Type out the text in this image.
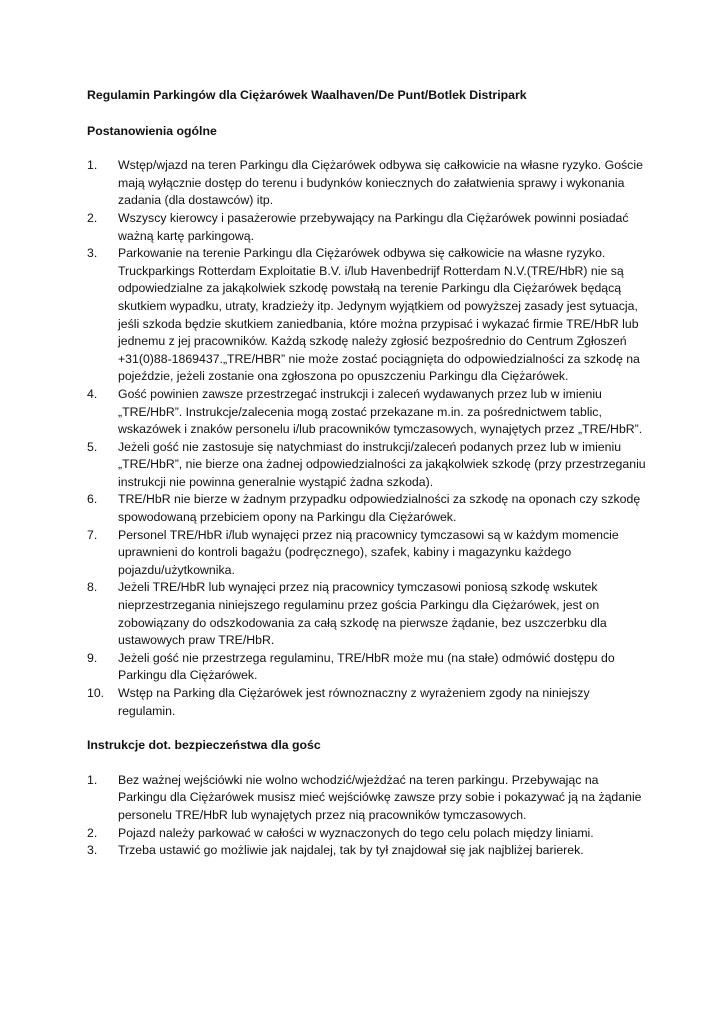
Regulamin Parkingów dla Ciężarówek Waalhaven/De Punt/Botlek Distripark
Postanowienia ogólne
1.	Wstęp/wjazd na teren Parkingu dla Ciężarówek odbywa się całkowicie na własne ryzyko. Goście mają wyłącznie dostęp do terenu i budynków koniecznych do załatwienia sprawy i wykonania zadania (dla dostawców) itp.
2.	Wszyscy kierowcy i pasażerowie przebywający na Parkingu dla Ciężarówek powinni posiadać ważną kartę parkingową.
3.	Parkowanie na terenie Parkingu dla Ciężarówek odbywa się całkowicie na własne ryzyko. Truckparkings Rotterdam Exploitatie B.V. i/lub Havenbedrijf Rotterdam N.V.(TRE/HbR) nie są odpowiedzialne za jakąkolwiek szkodę powstałą na terenie Parkingu dla Ciężarówek będącą skutkiem wypadku, utraty, kradzieży itp. Jedynym wyjątkiem od powyższej zasady jest sytuacja, jeśli szkoda będzie skutkiem zaniedbania, które można przypisać i wykazać firmie TRE/HbR lub jednemu z jej pracowników. Każdą szkodę należy zgłosić bezpośrednio do Centrum Zgłoszeń +31(0)88-1869437.„TRE/HBR” nie może zostać pociągnięta do odpowiedzialności za szkodę na pojeździe, jeżeli zostanie ona zgłoszona po opuszczeniu Parkingu dla Ciężarówek.
4.	Gość powinien zawsze przestrzegać instrukcji i zaleceń wydawanych przez lub w imieniu „TRE/HbR”. Instrukcje/zalecenia mogą zostać przekazane m.in. za pośrednictwem tablic, wskazówek i znaków personelu i/lub pracowników tymczasowych, wynajętych przez „TRE/HbR”.
5.	Jeżeli gość nie zastosuje się natychmiast do instrukcji/zaleceń podanych przez lub w imieniu „TRE/HbR”, nie bierze ona żadnej odpowiedzialności za jakąkolwiek szkodę (przy przestrzeganiu instrukcji nie powinna generalnie wystąpić żadna szkoda).
6.	TRE/HbR nie bierze w żadnym przypadku odpowiedzialności za szkodę na oponach czy szkodę spowodowaną przebiciem opony na Parkingu dla Ciężarówek.
7.	Personel TRE/HbR i/lub wynajęci przez nią pracownicy tymczasowi są w każdym momencie uprawnieni do kontroli bagażu (podręcznego), szafek, kabiny i magazynku każdego pojazdu/użytkownika.
8.	Jeżeli TRE/HbR lub wynajęci przez nią pracownicy tymczasowi poniosą szkodę wskutek nieprzestrzegania niniejszego regulaminu przez gościa Parkingu dla Ciężarówek, jest on zobowiązany do odszkodowania za całą szkodę na pierwsze żądanie, bez uszczerbku dla ustawowych praw TRE/HbR.
9.	Jeżeli gość nie przestrzega regulaminu, TRE/HbR może mu (na stałe) odmówić dostępu do Parkingu dla Ciężarówek.
10.	Wstęp na Parking dla Ciężarówek jest równoznaczny z wyrażeniem zgody na niniejszy regulamin.
Instrukcje dot. bezpieczeństwa dla gośc
1.	Bez ważnej wejściówki nie wolno wchodzić/wjeżdżać na teren parkingu. Przebywając na Parkingu dla Ciężarówek musisz mieć wejściówkę zawsze przy sobie i pokazywać ją na żądanie personelu TRE/HbR lub wynajętych przez nią pracowników tymczasowych.
2.	Pojazd należy parkować w całości w wyznaczonych do tego celu polach między liniami.
3.	Trzeba ustawić go możliwie jak najdalej, tak by tył znajdował się jak najbliżej barierek.
